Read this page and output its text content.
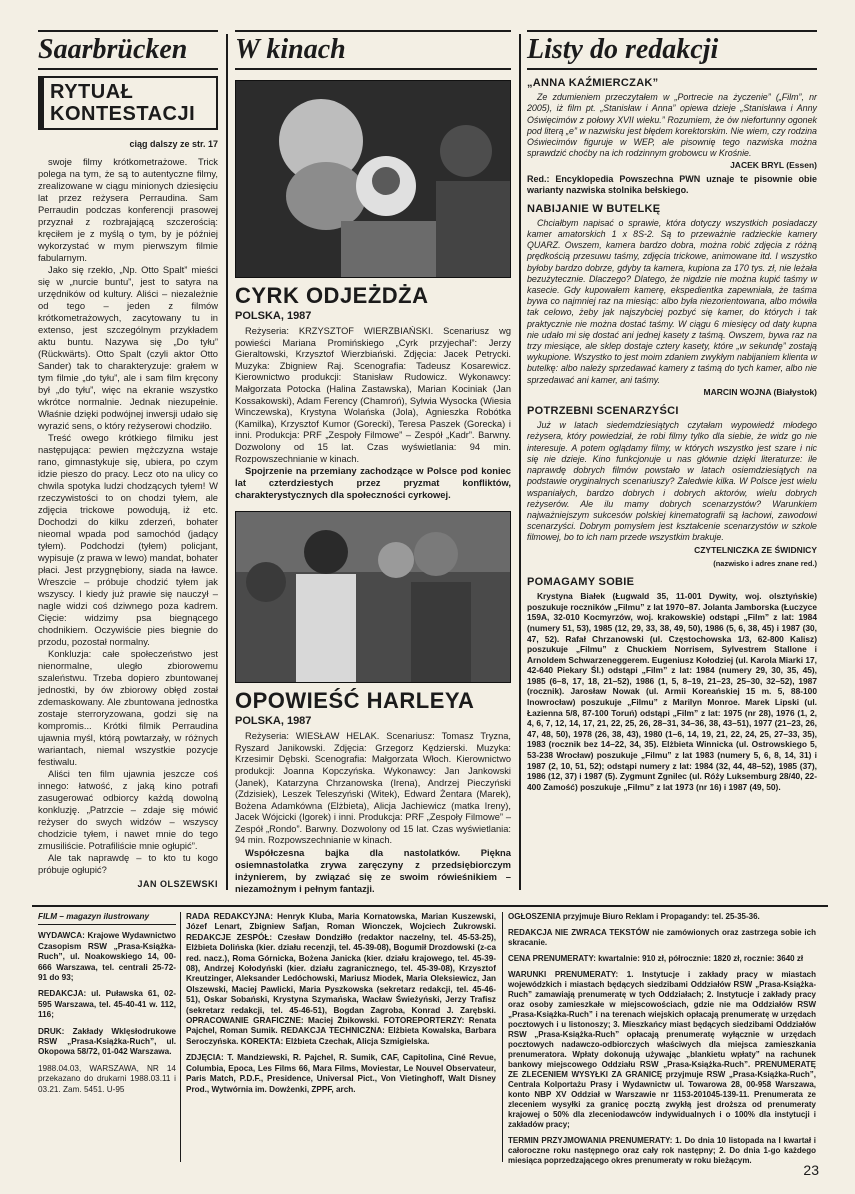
Saarbrücken
RYTUAŁ
KONTESTACJI
ciąg dalszy ze str. 17

swoje filmy krótkometrażowe. Trick polega na tym, że są to autentyczne filmy, zrealizowane w ciągu minionych dziesięciu lat przez reżysera Perraudina. Sam Perraudin podczas konferencji prasowej przyznał z rozbrajającą szczerością: kręciłem je z myślą o tym, by je później wykorzystać w mym pierwszym filmie fabularnym.

Jako się rzekło, „Np. Otto Spalt” mieści się w „nurcie buntu”, jest to satyra na urzędników od kultury. Aliści – niezależnie od tego – jeden z filmów krótkometrażowych, zacytowany tu in extenso, jest szczególnym przykładem aktu buntu. Nazywa się „Do tyłu” (Rückwärts). Otto Spalt (czyli aktor Otto Sander) tak to charakteryzuje: grałem w tym filmie „do tyłu”, ale i sam film kręcony był „do tyłu”, więc na ekranie wszystko wkrótce normalnie. Jednak niezupełnie. Właśnie dzięki podwójnej inwersji udało się wyrazić sens, o który reżyserowi chodziło.

Treść owego krótkiego filmiku jest następująca: pewien mężczyzna wstaje rano, gimnastykuje się, ubiera, po czym idzie pieszo do pracy. Lecz oto na ulicy co chwila spotyka ludzi chodzących tyłem! W rzeczywistości to on chodzi tyłem, ale zdjęcia trickowe powodują, iż etc. Dochodzi do kilku zderzeń, bohater nieomal wpada pod samochód (jadący tyłem). Podchodzi (tyłem) policjant, wypisuje (z prawa w lewo) mandat, bohater płaci. Jest przygnębiony, siada na ławce. Wreszcie – próbuje chodzić tyłem jak wszyscy. I kiedy już prawie się nauczył – nagle widzi coś dziwnego poza kadrem. Cięcie: widzimy psa biegnącego chodnikiem. Oczywiście pies biegnie do przodu, pozostał normalny.

Konkluzja: całe społeczeństwo jest nienormalne, uległo zbiorowemu szaleństwu. Trzeba dopiero zbuntowanej jednostki, by ów zbiorowy obłęd został zdemaskowany. Ale zbuntowana jednostka zostaje sterroryzowana, godzi się na kompromis... Krótki filmik Perraudina ujawnia myśl, którą powtarzały, w różnych wariantach, niemal wszystkie pozycje festiwalu.

Aliści ten film ujawnia jeszcze coś innego: łatwość, z jaką kino potrafi zasugerować odbiorcy każdą dowolną konkluzję. „Patrzcie – zdaje się mówić reżyser do swych widzów – wszyscy chodzicie tyłem, i nawet mnie do tego zmusiliście. Potrafiliście mnie ogłupić”.

Ale tak naprawdę – to kto tu kogo próbuje ogłupić?

JAN OLSZEWSKI
W kinach
CYRK ODJEŻDŻA
POLSKA, 1987

Reżyseria: KRZYSZTOF WIERZBIAŃSKI. Scenariusz wg powieści Mariana Promińskiego „Cyrk przyjechał”: Jerzy Gieraltowski, Krzysztof Wierzbiański. Zdjęcia: Jacek Petrycki. Muzyka: Zbigniew Raj. Scenografia: Tadeusz Kosarewicz. Kierownictwo produkcji: Stanisław Rudowicz. Wykonawcy: Małgorzata Potocka (Halina Zastawska), Marian Kociniak (Jan Kossakowski), Adam Ferency (Chamroń), Sylwia Wysocka (Wiesia Winczewska), Krystyna Wolańska (Jola), Agnieszka Robótka (Kamilka), Krzysztof Kumor (Gorecki), Teresa Paszek (Gorecka) i inni. Produkcja: PRF „Zespoły Filmowe” – Zespół „Kadr”. Barwny. Dozwolony od 15 lat. Czas wyświetlania: 94 min. Rozpowszechnianie w kinach.

Spojrzenie na przemiany zachodzące w Polsce pod koniec lat czterdziestych przez pryzmat konfliktów, charakterystycznych dla społeczności cyrkowej.

OPOWIEŚĆ HARLEYA
POLSKA, 1987

Reżyseria: WIESŁAW HELAK. Scenariusz: Tomasz Tryzna, Ryszard Janikowski. Zdjęcia: Grzegorz Kędzierski. Muzyka: Krzesimir Dębski. Scenografia: Małgorzata Włoch. Kierownictwo produkcji: Joanna Kopczyńska. Wykonawcy: Jan Jankowski (Janek), Katarzyna Chrzanowska (Irena), Andrzej Pieczyński (Zdzisiek), Leszek Teleszyński (Witek), Edward Żentara (Marek), Bożena Adamkówna (Elżbieta), Alicja Jachiewicz (matka Ireny), Jacek Wójcicki (Igorek) i inni. Produkcja: PRF „Zespoły Filmowe” – Zespół „Rondo”. Barwny. Dozwolony od 15 lat. Czas wyświetlania: 94 min. Rozpowszechnianie w kinach.

Współczesna bajka dla nastolatków. Piękna osiemnastolatka zrywa zaręczyny z przedsiębiorczym inżynierem, by związać się ze swoim rówieśnikiem – niezamożnym i pełnym fantazji.

Listy do redakcji
„ANNA KAŹMIERCZAK”

Ze zdumieniem przeczytałem w „Portrecie na życzenie” („Film”, nr 2005), iż film pt. „Stanisław i Anna” opiewa dzieje „Stanisława i Anny Oświęcimów z połowy XVII wieku.” Rozumiem, że ów niefortunny ogonek pod literą „e” w nazwisku jest błędem korektorskim. Nie wiem, czy rodzina Oświecimów figuruje w WEP, ale pisownię tego nazwiska można sprawdzić choćby na ich rodzinnym grobowcu w Krośnie.

JACEK BRYL (Essen)
Red.: Encyklopedia Powszechna PWN uznaje te pisownie obie warianty nazwiska stolnika bełskiego.
NABIJANIE W BUTELKĘ

Chciałbym napisać o sprawie, która dotyczy wszystkich posiadaczy kamer amatorskich 1 x 8S-2. Są to przeważnie radzieckie kamery QUARZ. Owszem, kamera bardzo dobra, można robić zdjęcia z różną prędkością przesuwu taśmy, zdjęcia trickowe, animowane itd. I wszystko byłoby bardzo dobrze, gdyby ta kamera, kupiona za 170 tys. zł, nie leżała bezużytecznie. Dlaczego? Dlatego, że nigdzie nie można kupić taśmy w kasecie. Gdy kupowałem kamerę, ekspedientka zapewniała, że taśma bywa co najmniej raz na miesiąc: albo była niezorientowana, albo mówiła tak celowo, żeby jak najszybciej pozbyć się kamer, do których i tak praktycznie nie można dostać taśmy. W ciągu 6 miesięcy od daty kupna nie udało mi się dostać ani jednej kasety z taśmą. Owszem, bywa raz na trzy miesiące, ale sklep dostaje cztery kasety, które „w sekundę” zostają wykupione. Wszystko to jest moim zdaniem zwykłym nabijaniem klienta w butelkę: albo należy sprzedawać kamery z taśmą do tych kamer, albo nie sprzedawać ani kamer, ani taśmy.

MARCIN WOJNA (Białystok)
POTRZEBNI SCENARZYŚCI

Już w latach siedemdziesiątych czytałam wypowiedź młodego reżysera, który powiedział, że robi filmy tylko dla siebie, że widz go nie interesuje. A potem oglądamy filmy, w których wszystko jest szare i nic się nie dzieje. Kino funkcjonuje u nas głównie dzięki literaturze: ile naprawdę dobrych filmów powstało w latach osiemdziesiątych na podstawie oryginalnych scenariuszy? Zaledwie kilka. W Polsce jest wielu wspaniałych, bardzo dobrych i dobrych aktorów, wielu dobrych reżyserów. Ale ilu mamy dobrych scenarzystów? Warunkiem najważniejszym sukcesów polskiej kinematografii są łachowi, zawodowi scenarzyści. Dobrym pomysłem jest kształcenie scenarzystów w szkole filmowej, bo to ich nam przede wszystkim brakuje.

CZYTELNICZKA ZE ŚWIDNICY
(nazwisko i adres znane red.)
POMAGAMY SOBIE

Krystyna Białek (Ługwald 35, 11-001 Dywity, woj. olsztyńskie) poszukuje roczników „Filmu” z lat 1970–87. Jolanta Jamborska (Łuczyce 159A, 32-010 Kocmyrzów, woj. krakowskie) odstąpi „Film” z lat: 1984 (numery 51, 53), 1985 (12, 29, 33, 38, 49, 50), 1986 (5, 6, 38, 45) i 1987 (30, 47, 52). Rafał Chrzanowski (ul. Częstochowska 1/3, 62-800 Kalisz) poszukuje „Filmu” z Chuckiem Norrisem, Sylvestrem Stallone i Arnoldem Schwarzeneggerem. Eugeniusz Kołodziej (ul. Karola Miarki 17, 42-640 Piekary Śl.) odstąpi „Film” z lat: 1984 (numery 29, 30, 35, 45), 1985 (6–8, 17, 18, 21–52), 1986 (1, 5, 8–19, 21–23, 25–30, 32–52), 1987 (rocznik). Jarosław Nowak (ul. Armii Koreańskiej 15 m. 5, 88-100 Inowrocław) poszukuje „Filmu” z Marilyn Monroe. Marek Lipski (ul. Łazienna 5/8, 87-100 Toruń) odstąpi „Film” z lat: 1975 (nr 28), 1976 (1, 2, 4, 6, 7, 12, 14, 17, 21, 22, 25, 26, 28–31, 34–36, 38, 43–51), 1977 (21–23, 26, 47, 48, 50), 1978 (26, 38, 43), 1980 (1–6, 14, 19, 21, 22, 24, 25, 27–33, 35), 1983 (rocznik bez 14–22, 34, 35). Elżbieta Winnicka (ul. Ostrowskiego 5, 53-238 Wrocław) poszukuje „Filmu” z lat 1983 (numery 5, 6, 8, 14, 31) i 1987 (2, 10, 51, 52); odstąpi numery z lat: 1984 (32, 44, 48–52), 1985 (37), 1986 (12, 37) i 1987 (5). Zygmunt Zgnilec (ul. Róży Luksemburg 28/40, 22-400 Zamość) poszukuje „Filmu” z lat 1973 (nr 16) i 1987 (49, 50).

FILM – magazyn ilustrowany

WYDAWCA: Krajowe Wydawnictwo Czasopism RSW „Prasa-Książka-Ruch”, ul. Noakowskiego 14, 00-666 Warszawa, tel. centrali 25-72-91 do 93;

REDAKCJA: ul. Puławska 61, 02-595 Warszawa, tel. 45-40-41 w. 112, 116;

DRUK: Zakłady Wklęsłodrukowe RSW „Prasa-Książka-Ruch”, ul. Okopowa 58/72, 01-042 Warszawa.

1988.04.03, WARSZAWA, NR 14 przekazano do drukarni 1988.03.11 i 03.21. Zam. 5451. U-95

RADA REDAKCYJNA: Henryk Kluba, Maria Kornatowska, Marian Kuszewski, Józef Lenart, Zbigniew Safjan, Roman Wionczek, Wojciech Żukrowski. REDAKCJE ZESPÓŁ: Czesław Dondziłło (redaktor naczelny, tel. 45-53-25), Elżbieta Dolińska (kier. działu recenzji, tel. 45-39-08), Bogumił Drozdowski (z-ca red. nacz.), Roma Górnicka, Bożena Janicka (kier. działu krajowego, tel. 45-39-08), Andrzej Kołodyński (kier. działu zagranicznego, tel. 45-39-08), Krzysztof Kreutzinger, Aleksander Ledóchowski, Mariusz Miodek, Maria Oleksiewicz, Jan Olszewski, Maciej Pawlicki, Maria Pyszkowska (sekretarz redakcji, tel. 45-46-51), Oskar Sobański, Krystyna Szymańska, Wacław Świeżyński, Jerzy Trafisz (sekretarz redakcji, tel. 45-46-51), Bogdan Zagroba, Konrad J. Zarębski. OPRACOWANIE GRAFICZNE: Maciej Żbikowski. FOTOREPORTERZY: Renata Pajchel, Roman Sumik. REDAKCJA TECHNICZNA: Elżbieta Kowalska, Barbara Seroczyńska. KOREKTA: Elżbieta Czechak, Alicja Szmigielska.

ZDJĘCIA: T. Mandziewski, R. Pajchel, R. Sumik, CAF, Capitolina, Ciné Revue, Columbia, Epoca, Les Films 66, Mara Films, Moviestar, Le Nouvel Observateur, Paris Match, P.D.F., Presidence, Universal Pict., Von Vietinghoff, Walt Disney Prod., Wytwórnia im. Dowżenki, ZPPF, arch.

OGŁOSZENIA przyjmuje Biuro Reklam i Propagandy: tel. 25-35-36.

REDAKCJA NIE ZWRACA TEKSTÓW nie zamówionych oraz zastrzega sobie ich skracanie.

CENA PRENUMERATY: kwartalnie: 910 zł, półrocznie: 1820 zł, rocznie: 3640 zł

WARUNKI PRENUMERATY: 1. Instytucje i zakłady pracy w miastach wojewódzkich i miastach będących siedzibami Oddziałów RSW „Prasa-Książka-Ruch” zamawiają prenumeratę w tych Oddziałach; 2. Instytucje i zakłady pracy oraz osoby zamieszkałe w miejscowościach, gdzie nie ma Oddziałów RSW „Prasa-Książka-Ruch” i na terenach wiejskich opłacają prenumeratę w urzędach pocztowych i u listonoszy; 3. Mieszkańcy miast będących siedzibami Oddziałów RSW „Prasa-Książka-Ruch” opłacają prenumeratę wyłącznie w urzędach pocztowych nadawczo-odbiorczych właściwych dla miejsca zamieszkania prenumeratora. Wpłaty dokonują używając „blankietu wpłaty” na rachunek bankowy miejscowego Oddziału RSW „Prasa-Książka-Ruch”. PRENUMERATĘ ZE ZLECENIEM WYSYŁKI ZA GRANICĘ przyjmuje RSW „Prasa-Książka-Ruch”, Centrala Kolportażu Prasy i Wydawnictw ul. Towarowa 28, 00-958 Warszawa, konto NBP XV Oddział w Warszawie nr 1153-201045-139-11. Prenumerata ze zleceniem wysyłki za granicę pocztą zwykłą jest droższa od prenumeraty krajowej o 50% dla zleceniodawców indywidualnych i o 100% dla instytucji i zakładów pracy;

TERMIN PRZYJMOWANIA PRENUMERATY: 1. Do dnia 10 listopada na I kwartał i całoroczne roku następnego oraz cały rok następny; 2. Do dnia 1-go każdego miesiąca poprzedzającego okres prenumeraty w roku bieżącym.

23
